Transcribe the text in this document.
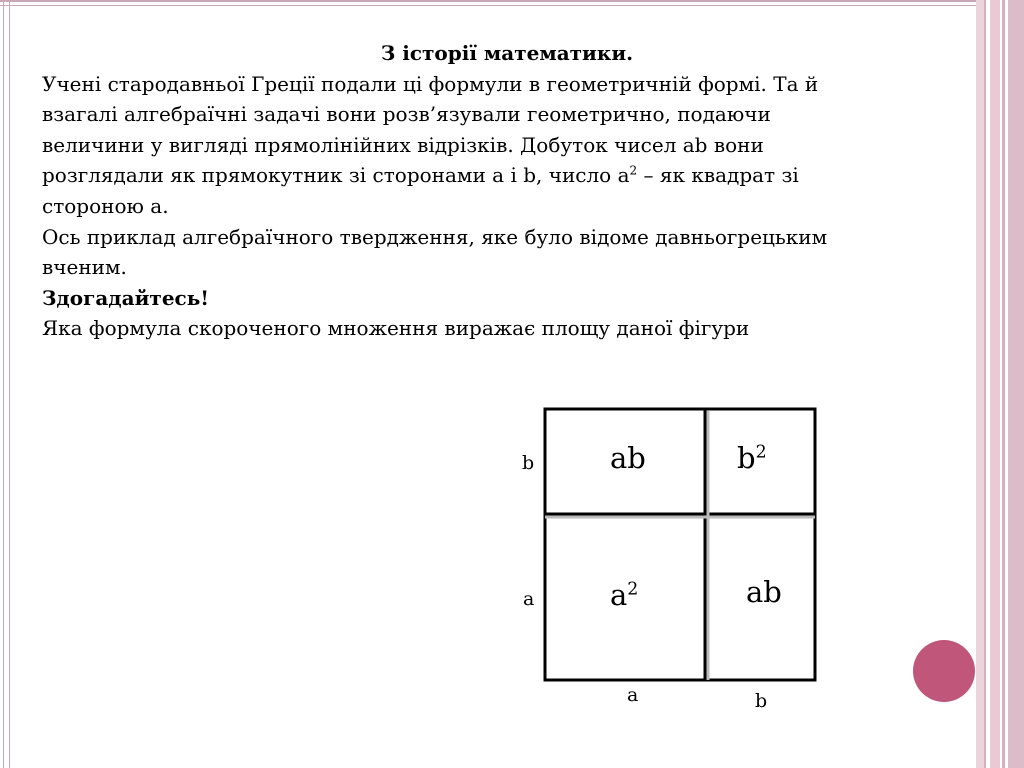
З історії математики.

Учені стародавньої Греції подали ці формули в геометричній формі. Та й

взагалі алгебраїчні задачі вони розв’язували геометрично, подаючи

величини у вигляді прямолінійних відрізків. Добуток чисел ab вони

розглядали як прямокутник зі сторонами a і b, число $a^2$ – як квадрат зі

стороною a.

Ось приклад алгебраїчного твердження, яке було відоме давньогрецьким

вченим.

Здогадайтесь!

Яка формула скороченого множення виражає площу даної фігури

ab	$b^2$
$a^2$	ab
b
a
a	b
